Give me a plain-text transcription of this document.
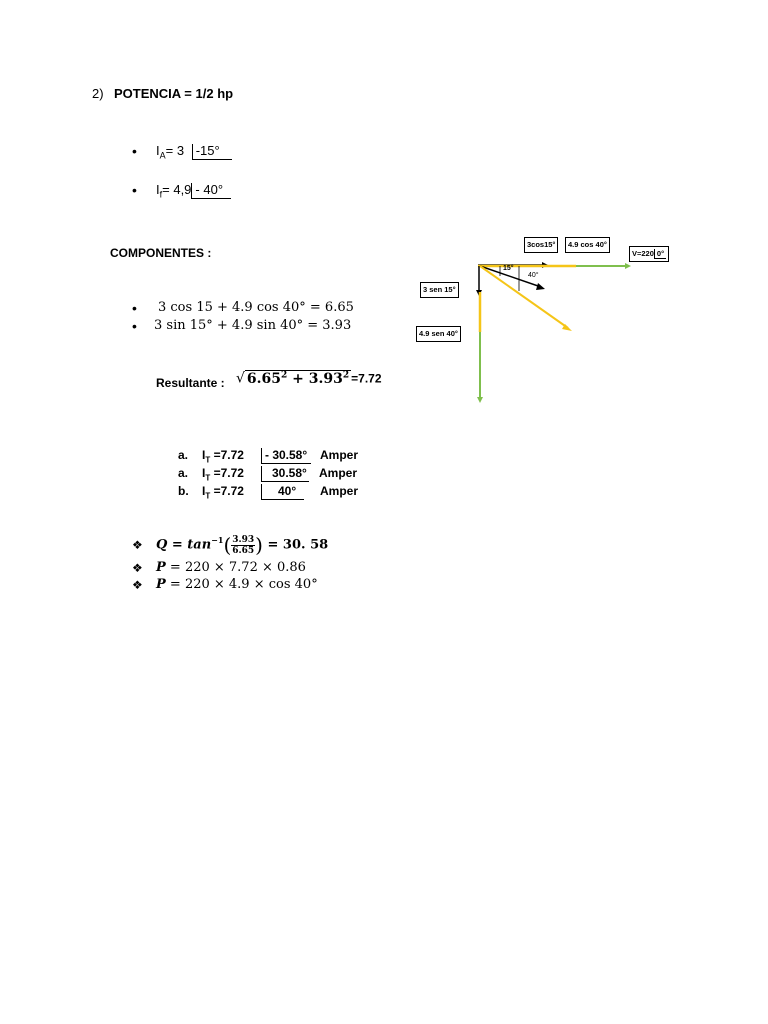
2) POTENCIA = 1/2 hp
• $I_A= 3$ -15°
• $I_f= 4,9 - 40^\circ$
COMPONENTES :
• 3 cos 15 + 4.9 cos 40° = 6.65
• 3 sin 15° + 4.9 sin 40° = 3.93
Resultante : √ $6.65^2 + 3.93^2 =7.72$
a. $I_T =7.72$	- 30.58°	Amper
a. $I_T =7.72$	30.58° Amper
b. $I_T =7.72$	40°	Amper
❖ $Q = \tan^{-1}( \frac{3.93}{6.65}$ ) = 30. 58
❖ P = 220 × 7.72 × 0.86
❖ P = 220 × 4.9 × cos 40°
3cos15°	4.9 cos 40°
V=220 0°
3 sen 15°
4.9 sen 40°
15°
40°
